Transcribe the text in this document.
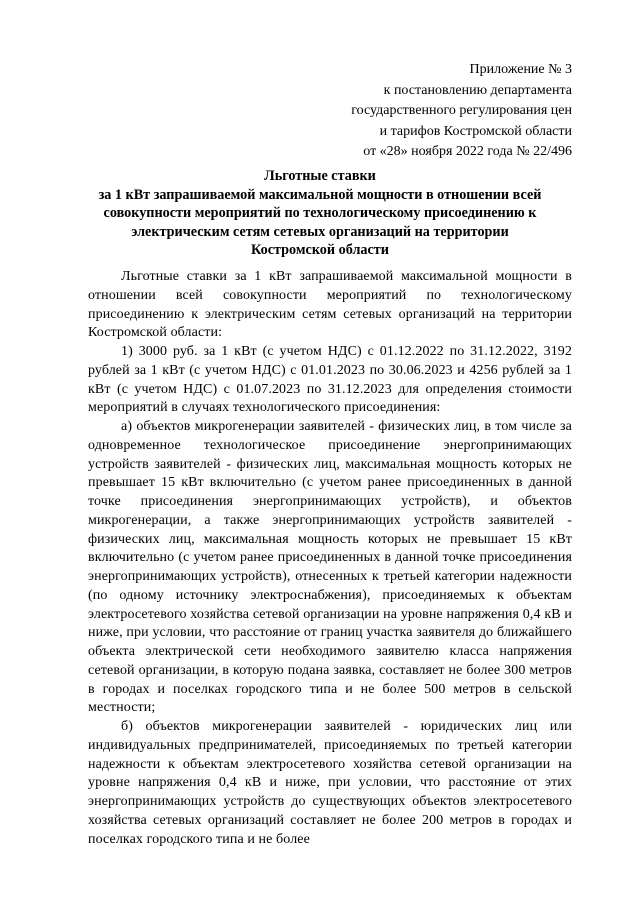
Приложение № 3
к постановлению департамента
государственного регулирования цен
и тарифов Костромской области
от «28» ноября 2022 года № 22/496
Льготные ставки
за 1 кВт запрашиваемой максимальной мощности в отношении всей
совокупности мероприятий по технологическому присоединению к
электрическим сетям сетевых организаций на территории
Костромской области

Льготные ставки за 1 кВт запрашиваемой максимальной мощности в отношении всей совокупности мероприятий по технологическому присоединению к электрическим сетям сетевых организаций на территории Костромской области:

1) 3000 руб. за 1 кВт (с учетом НДС) с 01.12.2022 по 31.12.2022, 3192 рублей за 1 кВт (с учетом НДС) с 01.01.2023 по 30.06.2023 и 4256 рублей за 1 кВт (с учетом НДС) с 01.07.2023 по 31.12.2023 для определения стоимости мероприятий в случаях технологического присоединения:

а) объектов микрогенерации заявителей - физических лиц, в том числе за одновременное технологическое присоединение энергопринимающих устройств заявителей - физических лиц, максимальная мощность которых не превышает 15 кВт включительно (с учетом ранее присоединенных в данной точке присоединения энергопринимающих устройств), и объектов микрогенерации, а также энергопринимающих устройств заявителей - физических лиц, максимальная мощность которых не превышает 15 кВт включительно (с учетом ранее присоединенных в данной точке присоединения энергопринимающих устройств), отнесенных к третьей категории надежности (по одному источнику электроснабжения), присоединяемых к объектам электросетевого хозяйства сетевой организации на уровне напряжения 0,4 кВ и ниже, при условии, что расстояние от границ участка заявителя до ближайшего объекта электрической сети необходимого заявителю класса напряжения сетевой организации, в которую подана заявка, составляет не более 300 метров в городах и поселках городского типа и не более 500 метров в сельской местности;

б) объектов микрогенерации заявителей - юридических лиц или индивидуальных предпринимателей, присоединяемых по третьей категории надежности к объектам электросетевого хозяйства сетевой организации на уровне напряжения 0,4 кВ и ниже, при условии, что расстояние от этих энергопринимающих устройств до существующих объектов электросетевого хозяйства сетевых организаций составляет не более 200 метров в городах и поселках городского типа и не более
